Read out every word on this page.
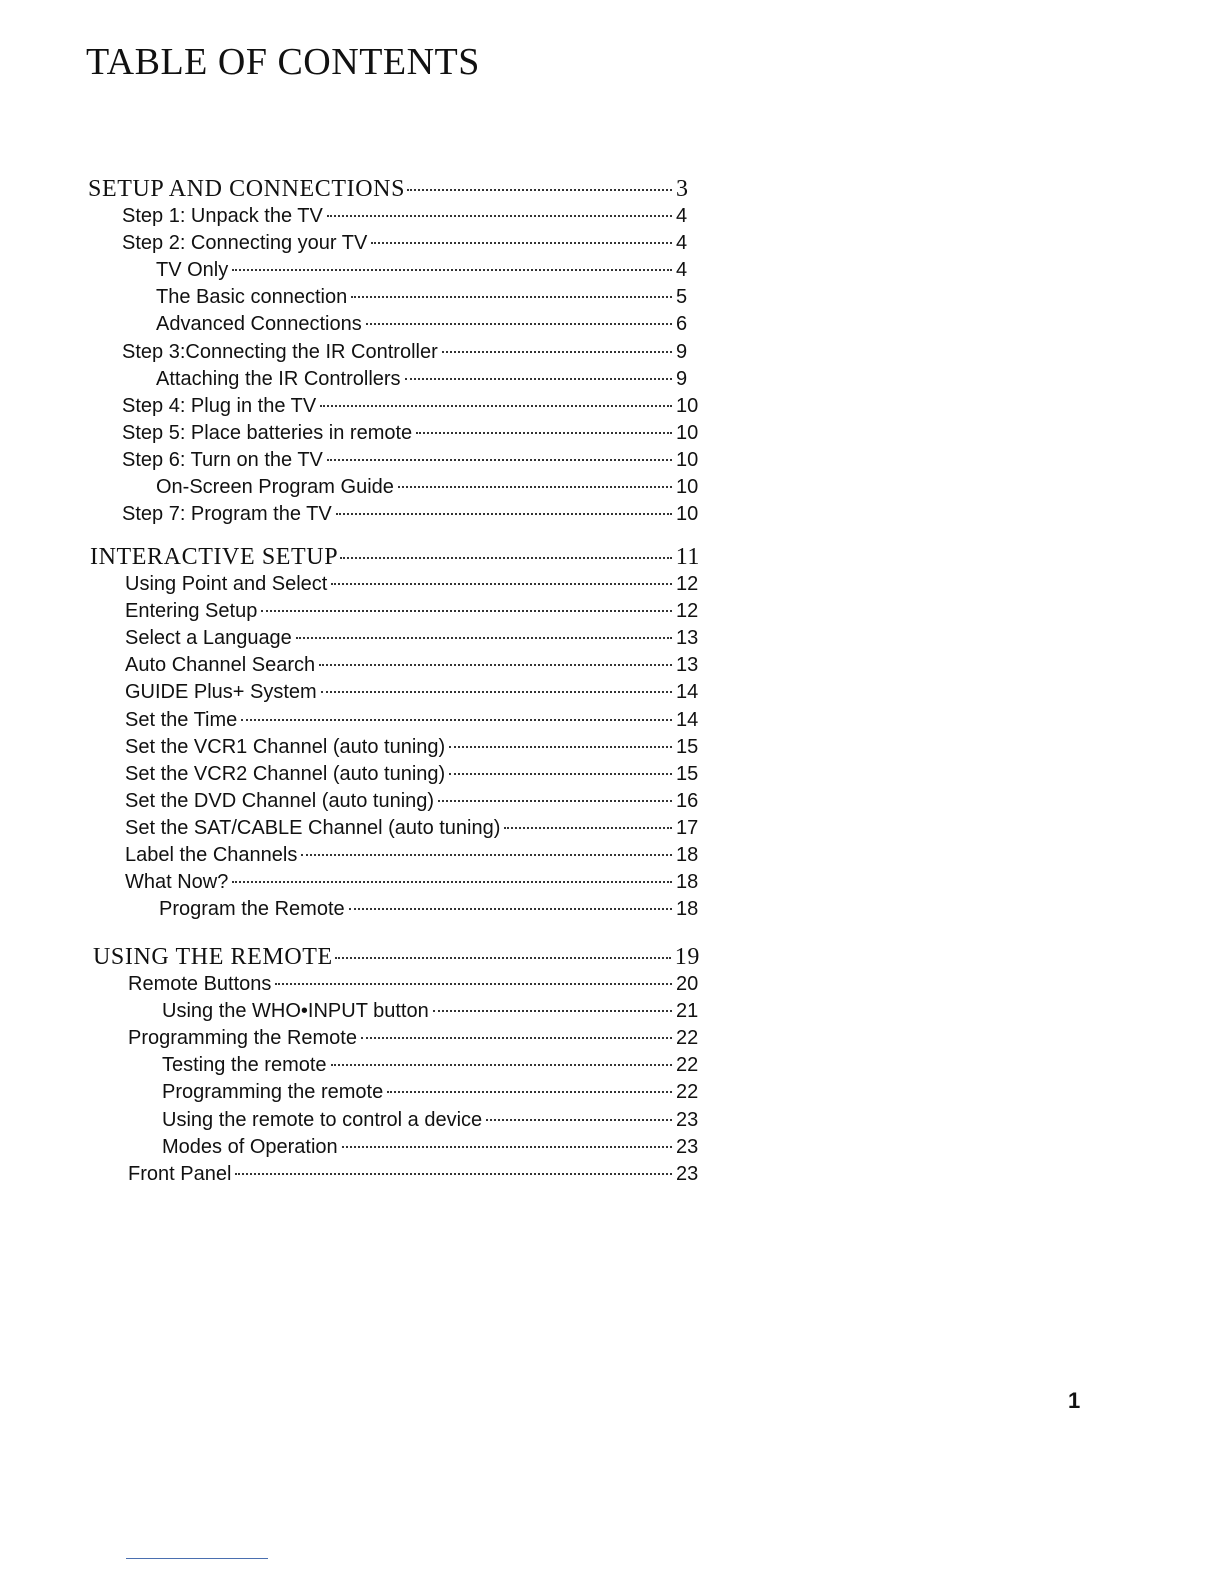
TABLE OF CONTENTS
SETUP AND CONNECTIONS	3
Step 1: Unpack the TV	4
Step 2: Connecting your TV	4
TV Only	4
The Basic connection	5
Advanced Connections	6
Step 3:Connecting the IR Controller	9
Attaching the IR Controllers	9
Step 4: Plug in the TV	10
Step 5: Place batteries in remote	10
Step 6: Turn on the TV	10
On-Screen Program Guide	10
Step 7: Program the TV	10
INTERACTIVE SETUP	11
Using Point and Select	12
Entering Setup	12
Select a Language	13
Auto Channel Search	13
GUIDE Plus+ System	14
Set the Time	14
Set the VCR1 Channel (auto tuning)	15
Set the VCR2 Channel (auto tuning)	15
Set the DVD Channel (auto tuning)	16
Set the SAT/CABLE Channel (auto tuning)	17
Label the Channels	18
What Now?	18
Program the Remote	18
USING THE REMOTE	19
Remote Buttons	20
Using the WHO•INPUT button	21
Programming the Remote	22
Testing the remote	22
Programming the remote	22
Using the remote to control a device	23
Modes of Operation	23
Front Panel	23
1
